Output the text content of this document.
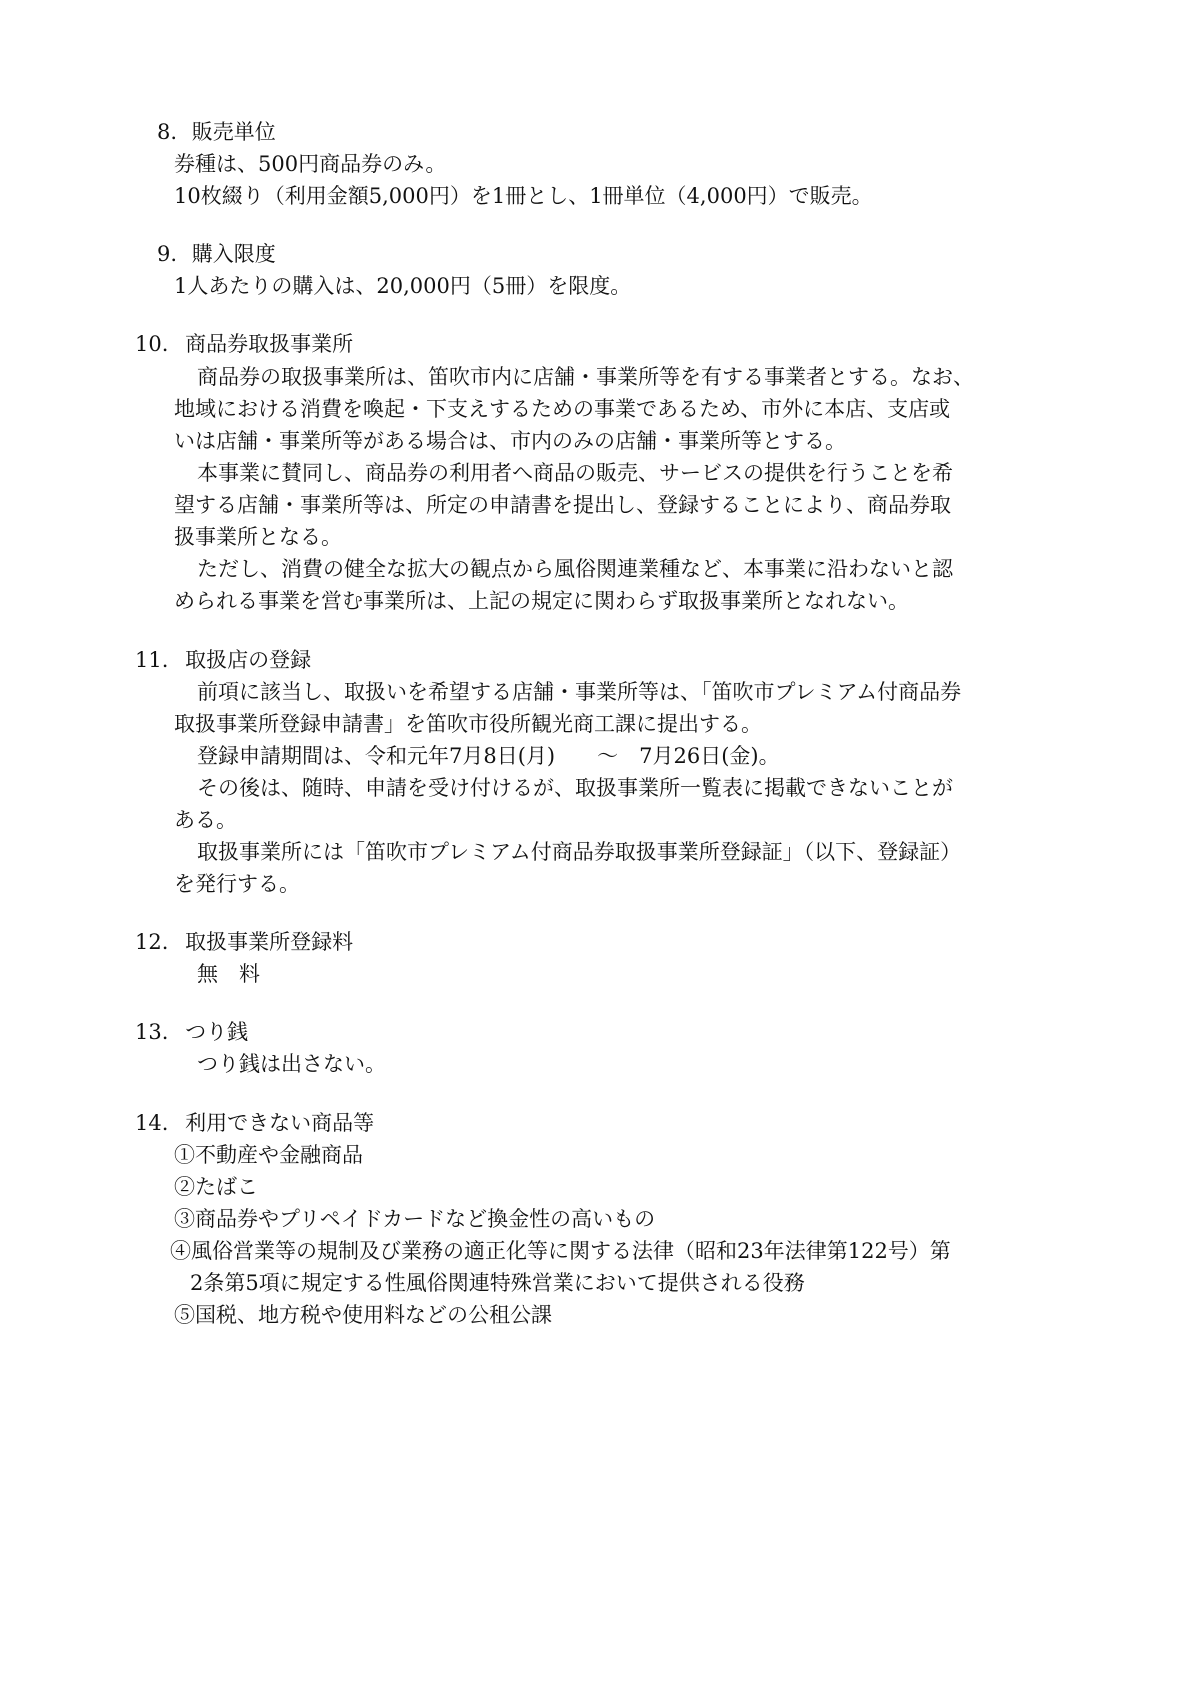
8. 販売単位
券種は、500円商品券のみ。
10枚綴り（利用金額5,000円）を1冊とし、1冊単位（4,000円）で販売。
9. 購入限度
1人あたりの購入は、20,000円（5冊）を限度。
10. 商品券取扱事業所
商品券の取扱事業所は、笛吹市内に店舗・事業所等を有する事業者とする。なお、
地域における消費を喚起・下支えするための事業であるため、市外に本店、支店或
いは店舗・事業所等がある場合は、市内のみの店舗・事業所等とする。
本事業に賛同し、商品券の利用者へ商品の販売、サービスの提供を行うことを希
望する店舗・事業所等は、所定の申請書を提出し、登録することにより、商品券取
扱事業所となる。
ただし、消費の健全な拡大の観点から風俗関連業種など、本事業に沿わないと認
められる事業を営む事業所は、上記の規定に関わらず取扱事業所となれない。
11. 取扱店の登録
前項に該当し、取扱いを希望する店舗・事業所等は、「笛吹市プレミアム付商品券
取扱事業所登録申請書」を笛吹市役所観光商工課に提出する。
登録申請期間は、令和元年7月8日(月)　　～　7月26日(金)。
その後は、随時、申請を受け付けるが、取扱事業所一覧表に掲載できないことが
ある。
取扱事業所には「笛吹市プレミアム付商品券取扱事業所登録証」（以下、登録証）
を発行する。
12. 取扱事業所登録料
無　料
13. つり銭
つり銭は出さない。
14. 利用できない商品等
①不動産や金融商品
②たばこ
③商品券やプリペイドカードなど換金性の高いもの
④風俗営業等の規制及び業務の適正化等に関する法律（昭和23年法律第122号）第
2条第5項に規定する性風俗関連特殊営業において提供される役務
⑤国税、地方税や使用料などの公租公課
